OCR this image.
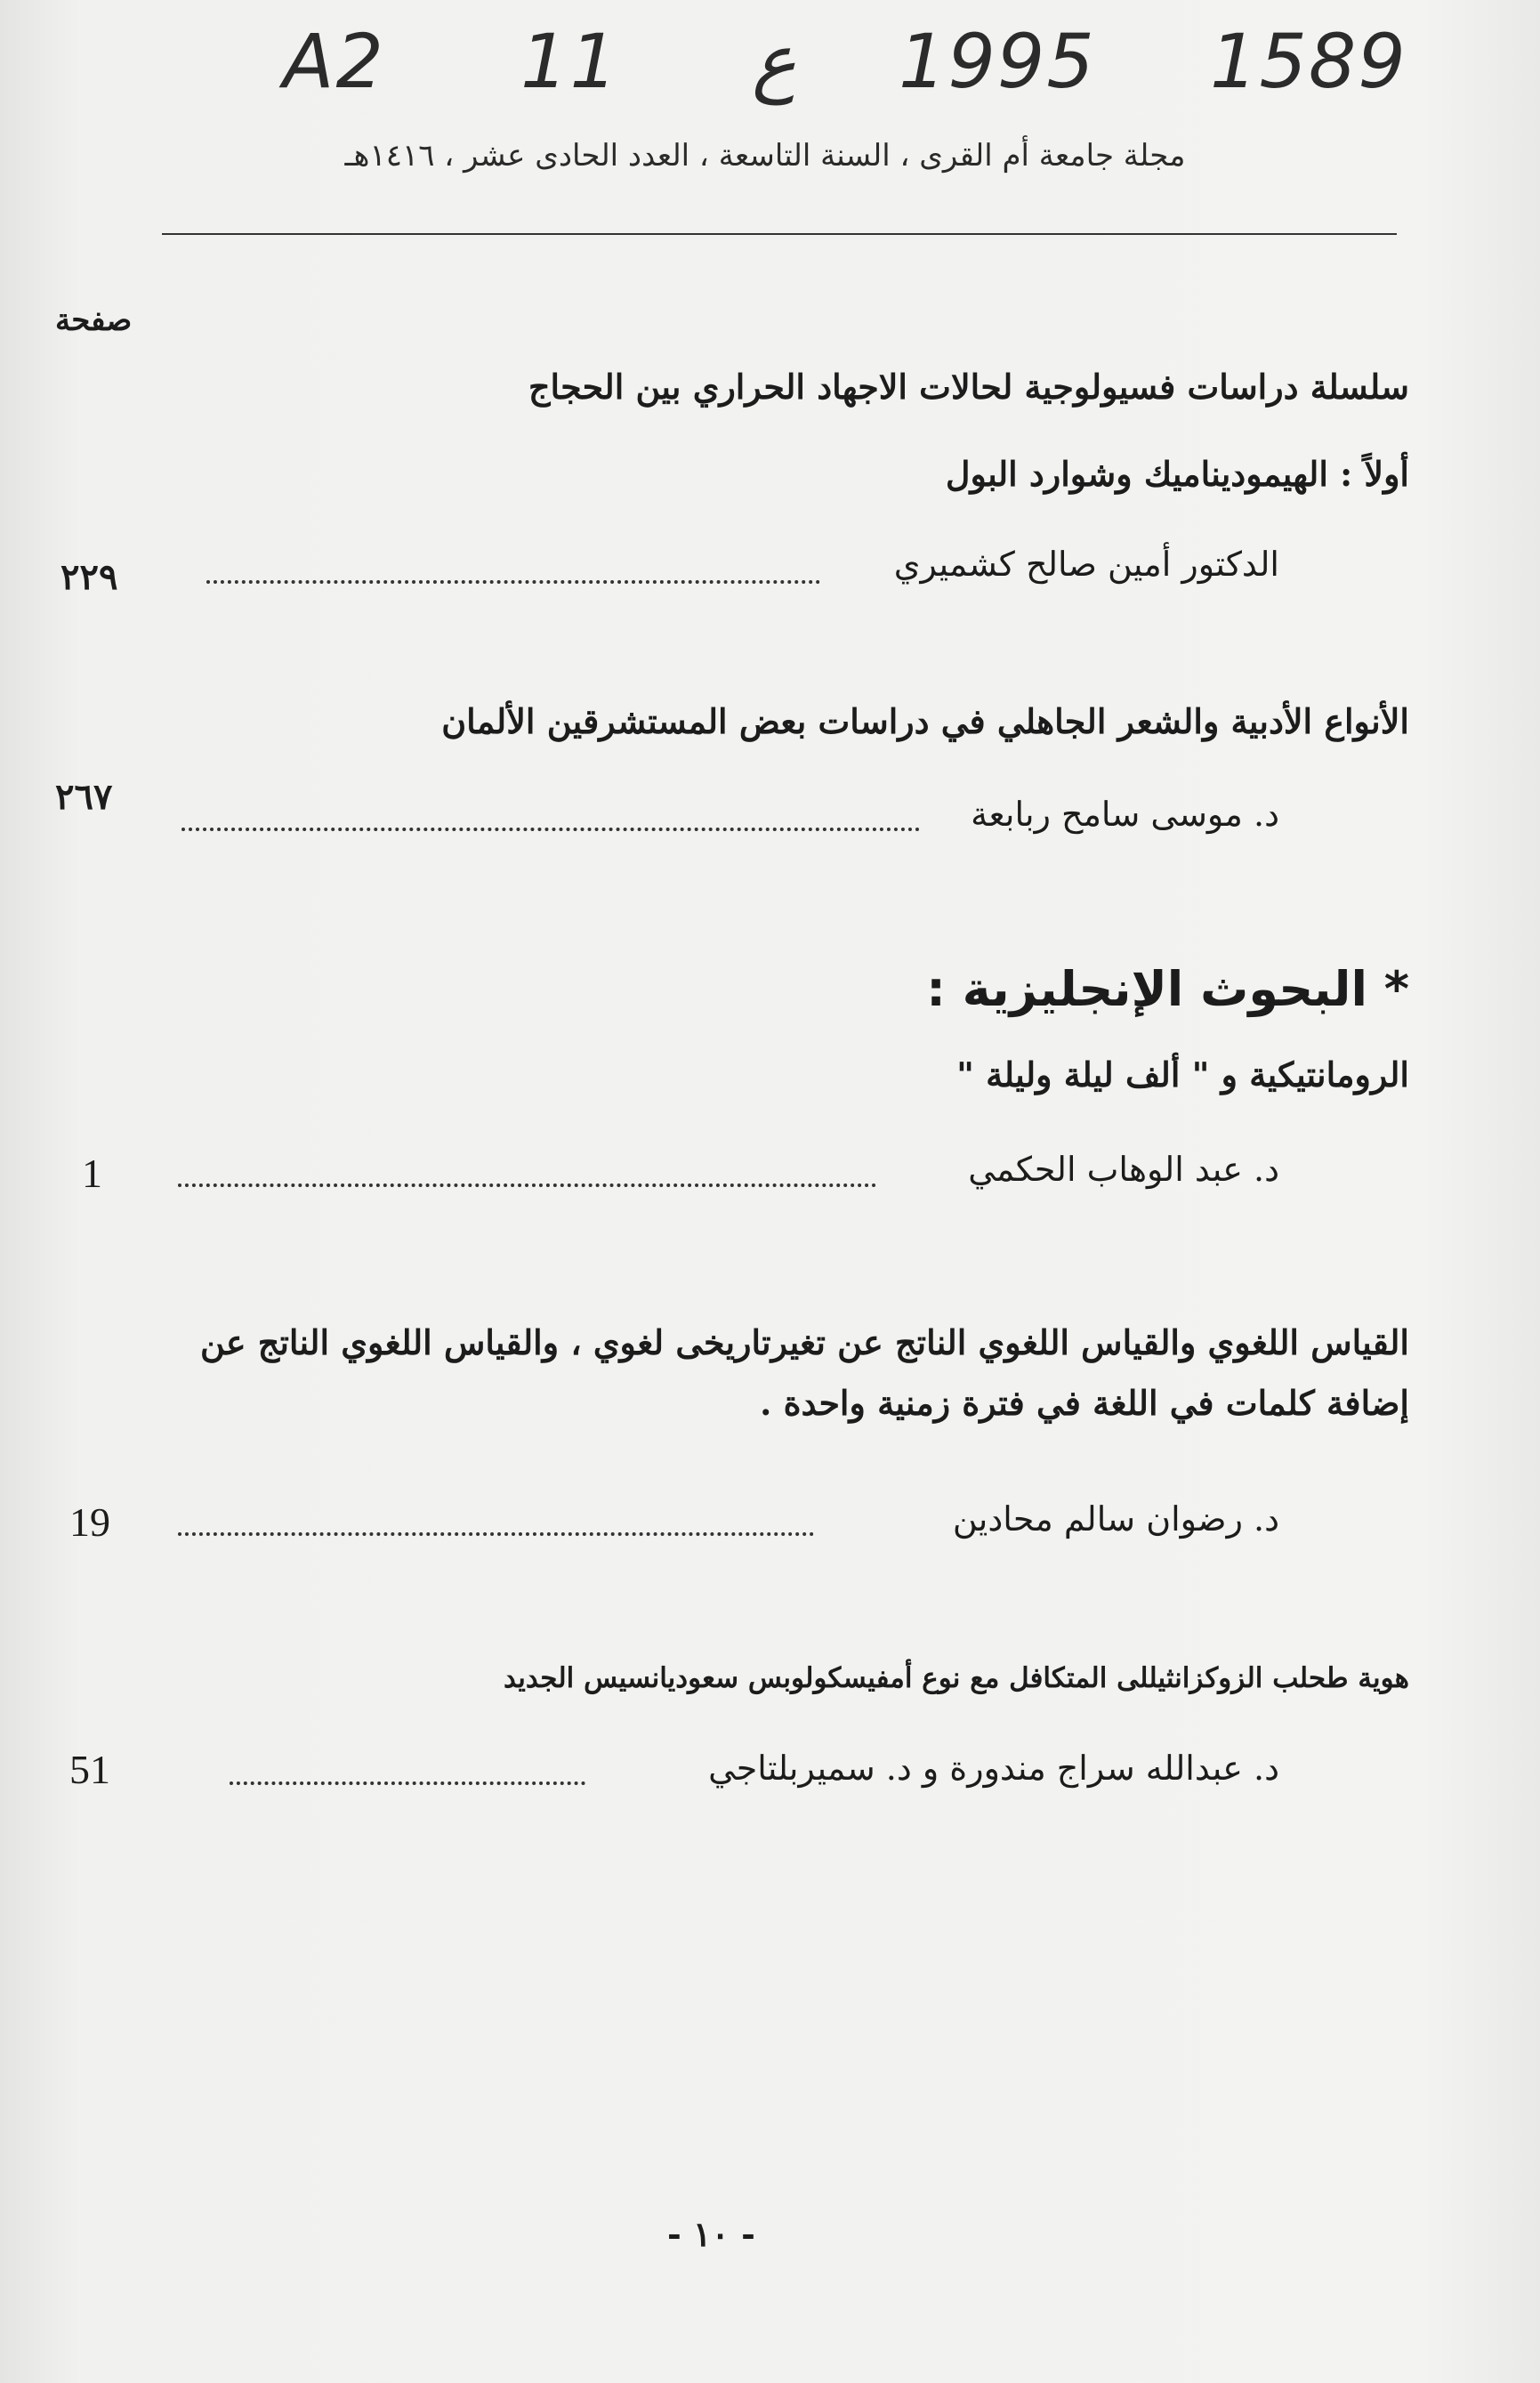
A2 11 ع 1995 1589
مجلة جامعة أم القرى ، السنة التاسعة ، العدد الحادى عشر ، ١٤١٦هـ
صفحة
سلسلة دراسات فسيولوجية لحالات الاجهاد الحراري بين الحجاج
أولاً : الهيموديناميك وشوارد البول
الدكتور أمين صالح كشميري
٢٢٩
الأنواع الأدبية والشعر الجاهلي في دراسات بعض المستشرقين الألمان
د. موسى سامح ربابعة
٢٦٧
* البحوث الإنجليزية :
الرومانتيكية و " ألف ليلة وليلة "
د. عبد الوهاب الحكمي
1
القياس اللغوي والقياس اللغوي الناتج عن تغيرتاريخى لغوي ، والقياس اللغوي الناتج عن إضافة كلمات في اللغة في فترة زمنية واحدة .
د. رضوان سالم محادين
19
هوية طحلب الزوكزانثيللى المتكافل مع نوع أمفيسكولوبس سعودیانسيس الجديد
د. عبدالله سراج مندورة و د. سميربلتاجي
51
- ١٠ -
